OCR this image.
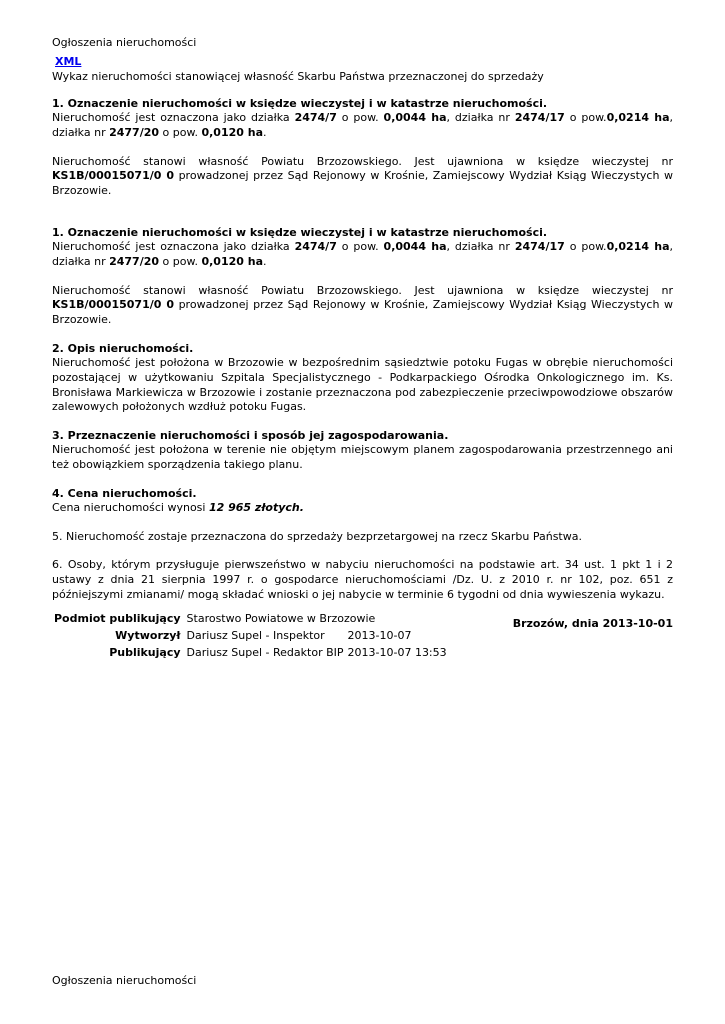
Ogłoszenia nieruchomości
XML
Wykaz nieruchomości stanowiącej własność Skarbu Państwa przeznaczonej do sprzedaży
1. Oznaczenie nieruchomości w księdze wieczystej i w katastrze nieruchomości.

Nieruchomość jest oznaczona jako działka 2474/7 o pow. 0,0044 ha, działka nr 2474/17 o pow.0,0214 ha, działka nr 2477/20 o pow. 0,0120 ha.

Nieruchomość stanowi własność Powiatu Brzozowskiego. Jest ujawniona w księdze wieczystej nr KS1B/00015071/0 0 prowadzonej przez Sąd Rejonowy w Krośnie, Zamiejscowy Wydział Ksiąg Wieczystych w Brzozowie.

1. Oznaczenie nieruchomości w księdze wieczystej i w katastrze nieruchomości.

Nieruchomość jest oznaczona jako działka 2474/7 o pow. 0,0044 ha, działka nr 2474/17 o pow.0,0214 ha, działka nr 2477/20 o pow. 0,0120 ha.

Nieruchomość stanowi własność Powiatu Brzozowskiego. Jest ujawniona w księdze wieczystej nr KS1B/00015071/0 0 prowadzonej przez Sąd Rejonowy w Krośnie, Zamiejscowy Wydział Ksiąg Wieczystych w Brzozowie.

2. Opis nieruchomości.

Nieruchomość jest położona w Brzozowie w bezpośrednim sąsiedztwie potoku Fugas w obrębie nieruchomości pozostającej w użytkowaniu Szpitala Specjalistycznego - Podkarpackiego Ośrodka Onkologicznego im. Ks. Bronisława Markiewicza w Brzozowie i zostanie przeznaczona pod zabezpieczenie przeciwpowodziowe obszarów zalewowych położonych wzdłuż potoku Fugas.

3. Przeznaczenie nieruchomości i sposób jej zagospodarowania.

Nieruchomość jest położona w terenie nie objętym miejscowym planem zagospodarowania przestrzennego ani też obowiązkiem sporządzenia takiego planu.

4. Cena nieruchomości.

Cena nieruchomości wynosi 12 965 złotych.

5. Nieruchomość zostaje przeznaczona do sprzedaży bezprzetargowej na rzecz Skarbu Państwa.

6. Osoby, którym przysługuje pierwszeństwo w nabyciu nieruchomości na podstawie art. 34 ust. 1 pkt 1 i 2 ustawy z dnia 21 sierpnia 1997 r. o gospodarce nieruchomościami /Dz. U. z 2010 r. nr 102, poz. 651 z późniejszymi zmianami/ mogą składać wnioski o jej nabycie w terminie 6 tygodni od dnia wywieszenia wykazu.

Brzozów, dnia 2013-10-01
Podmiot publikujący	Starostwo Powiatowe w Brzozowie	
Wytworzył	Dariusz Supel - Inspektor	2013-10-07
Publikujący	Dariusz Supel - Redaktor BIP	2013-10-07 13:53
Ogłoszenia nieruchomości
